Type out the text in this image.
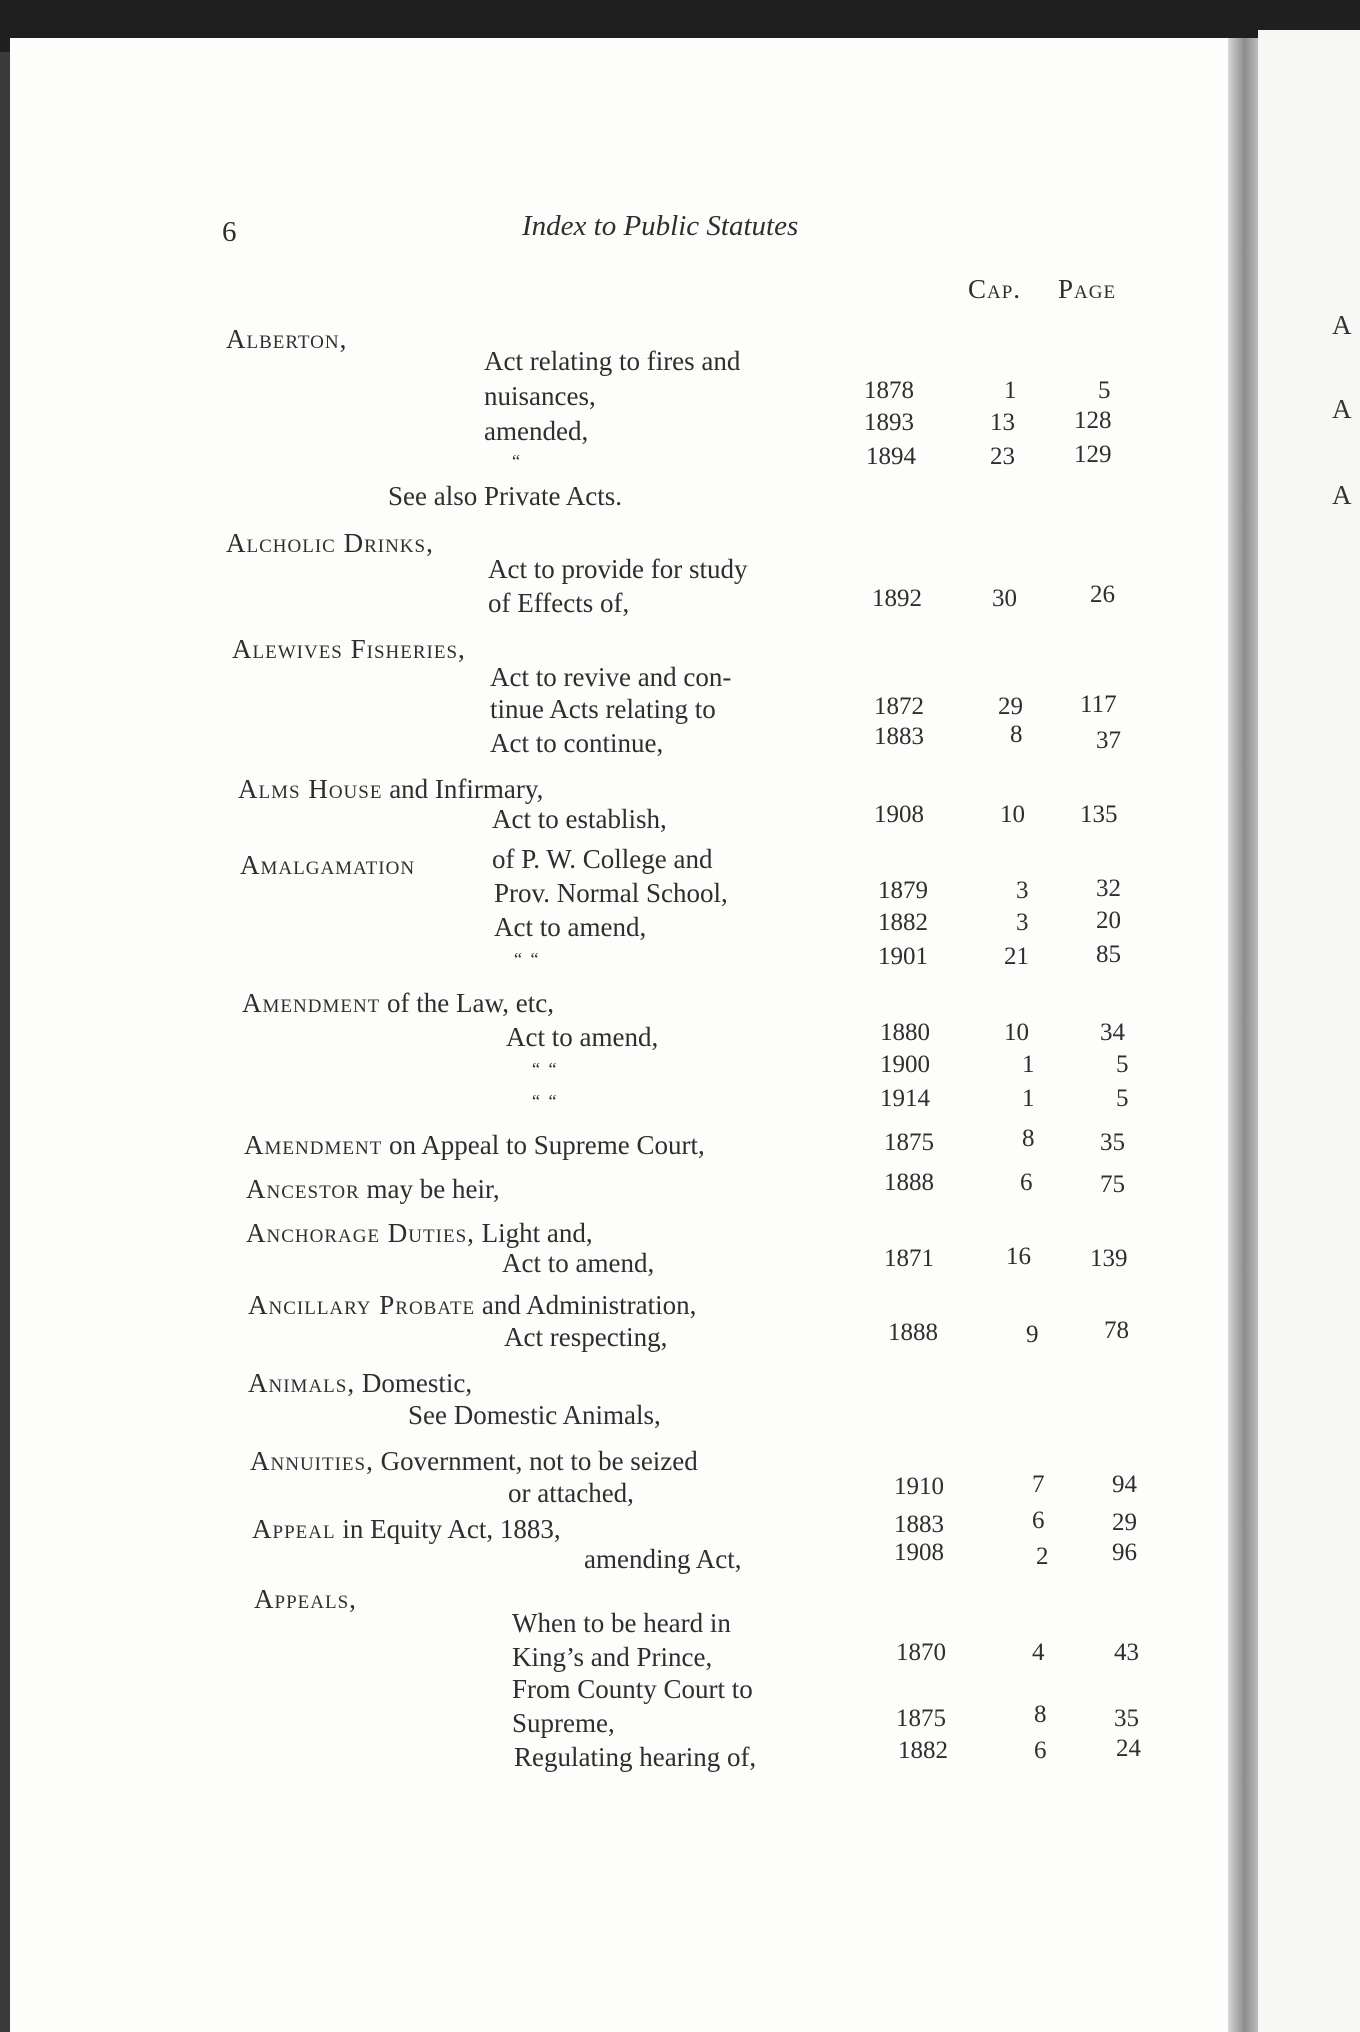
A
A
A
6	Index to Public Statutes
Cap. Page
Alberton,
Act relating to fires and
nuisances,	1878	1	5
amended,	1893	13 128
“	1894	23 129
See also Private Acts.
Alcholic Drinks,
Act to provide for study
of Effects of,	1892	30	26
Alewives Fisheries,
Act to revive and con-
tinue Acts relating to	1872	29 117
Act to continue,	1883	8	37
Alms House and Infirmary,
Act to establish,	1908	10 135
Amalgamation	of P. W. College and
Prov. Normal School,	1879	3	32
Act to amend,	1882	3	20
“ “	1901	21	85
Amendment of the Law, etc,
Act to amend,	1880	10	34
“ “	1900	1	5
“ “	1914	1	5
Amendment on Appeal to Supreme Court,	1875	8	35
Ancestor may be heir,	1888	6	75
Anchorage Duties, Light and,
Act to amend,	1871	16 139
Ancillary Probate and Administration,
Act respecting,	1888	9	78
Animals, Domestic,
See Domestic Animals,
Annuities, Government, not to be seized
or attached,	1910	7	94
Appeal in Equity Act, 1883,	1883	6	29
amending Act,	1908	2	96
Appeals,
When to be heard in
King’s and Prince,	1870	4	43
From County Court to
Supreme,	1875	8	35
Regulating hearing of,	1882	6	24
